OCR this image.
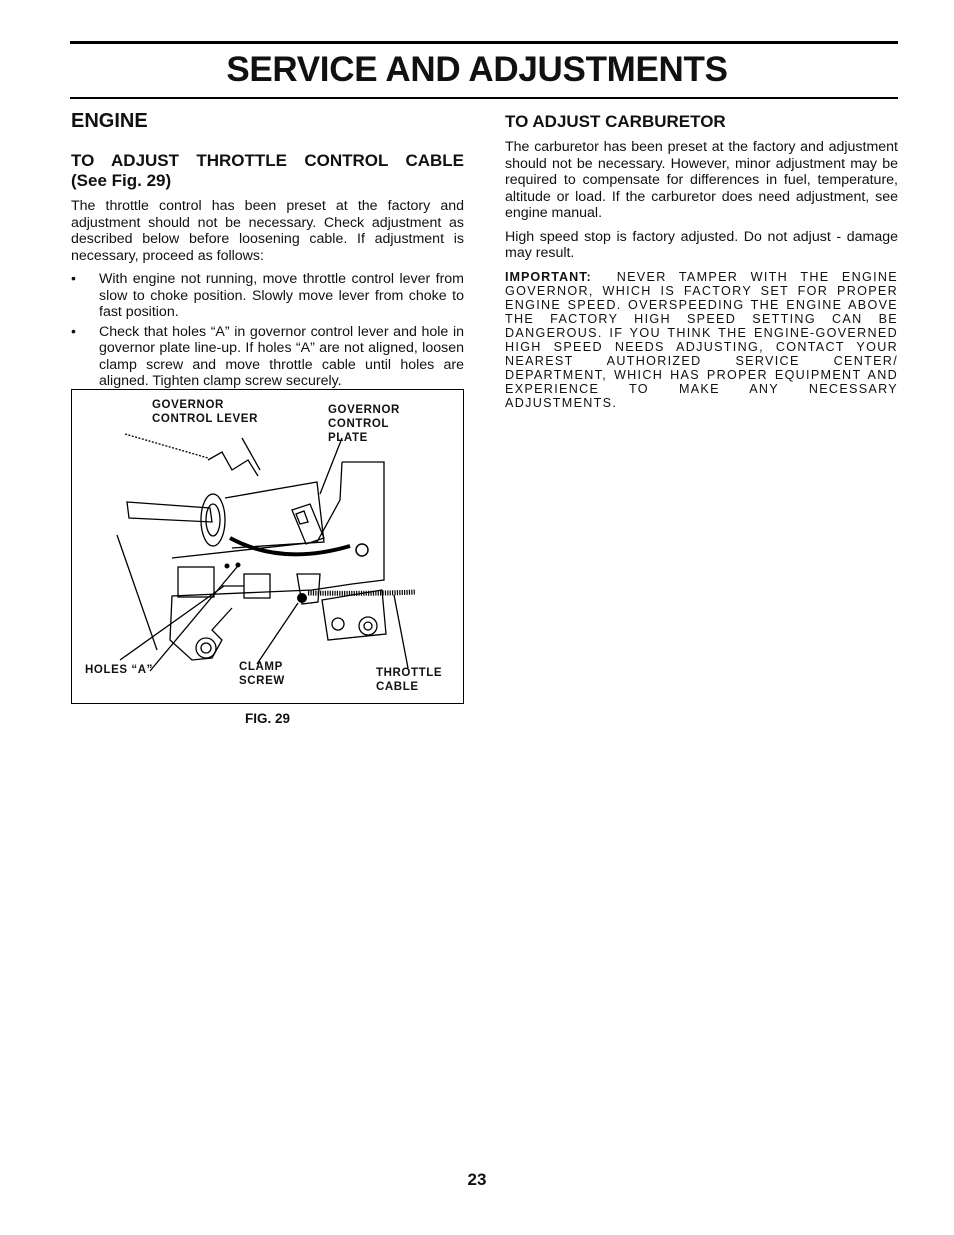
SERVICE AND ADJUSTMENTS
ENGINE
TO ADJUST THROTTLE CONTROL CABLE
(See Fig. 29)

The throttle control has been preset at the factory and adjustment should not be necessary. Check adjustment as described below before loosening cable. If adjustment is necessary, proceed as follows:

• With engine not running, move throttle control lever from slow to choke position. Slowly move lever from choke to fast position.
• Check that holes “A” in governor control lever and hole in governor plate line-up. If holes “A” are not aligned, loosen clamp screw and move throttle cable until holes are aligned. Tighten clamp screw securely.
GOVERNOR
CONTROL LEVER
GOVERNOR
CONTROL
PLATE
HOLES “A”	CLAMP
SCREW
THROTTLE
CABLE
FIG. 29
TO ADJUST CARBURETOR

The carburetor has been preset at the factory and adjustment should not be necessary. However, minor adjustment may be required to compensate for differences in fuel, temperature, altitude or load. If the carburetor does need adjustment, see engine manual.

High speed stop is factory adjusted. Do not adjust - damage may result.

IMPORTANT: NEVER TAMPER WITH THE ENGINE GOVERNOR, WHICH IS FACTORY SET FOR PROPER ENGINE SPEED. OVERSPEEDING THE ENGINE ABOVE THE FACTORY HIGH SPEED SETTING CAN BE DANGEROUS. IF YOU THINK THE ENGINE-GOVERNED HIGH SPEED NEEDS ADJUSTING, CONTACT YOUR NEAREST AUTHORIZED SERVICE CENTER/ DEPARTMENT, WHICH HAS PROPER EQUIPMENT AND EXPERIENCE TO MAKE ANY NECESSARY ADJUSTMENTS.

23
